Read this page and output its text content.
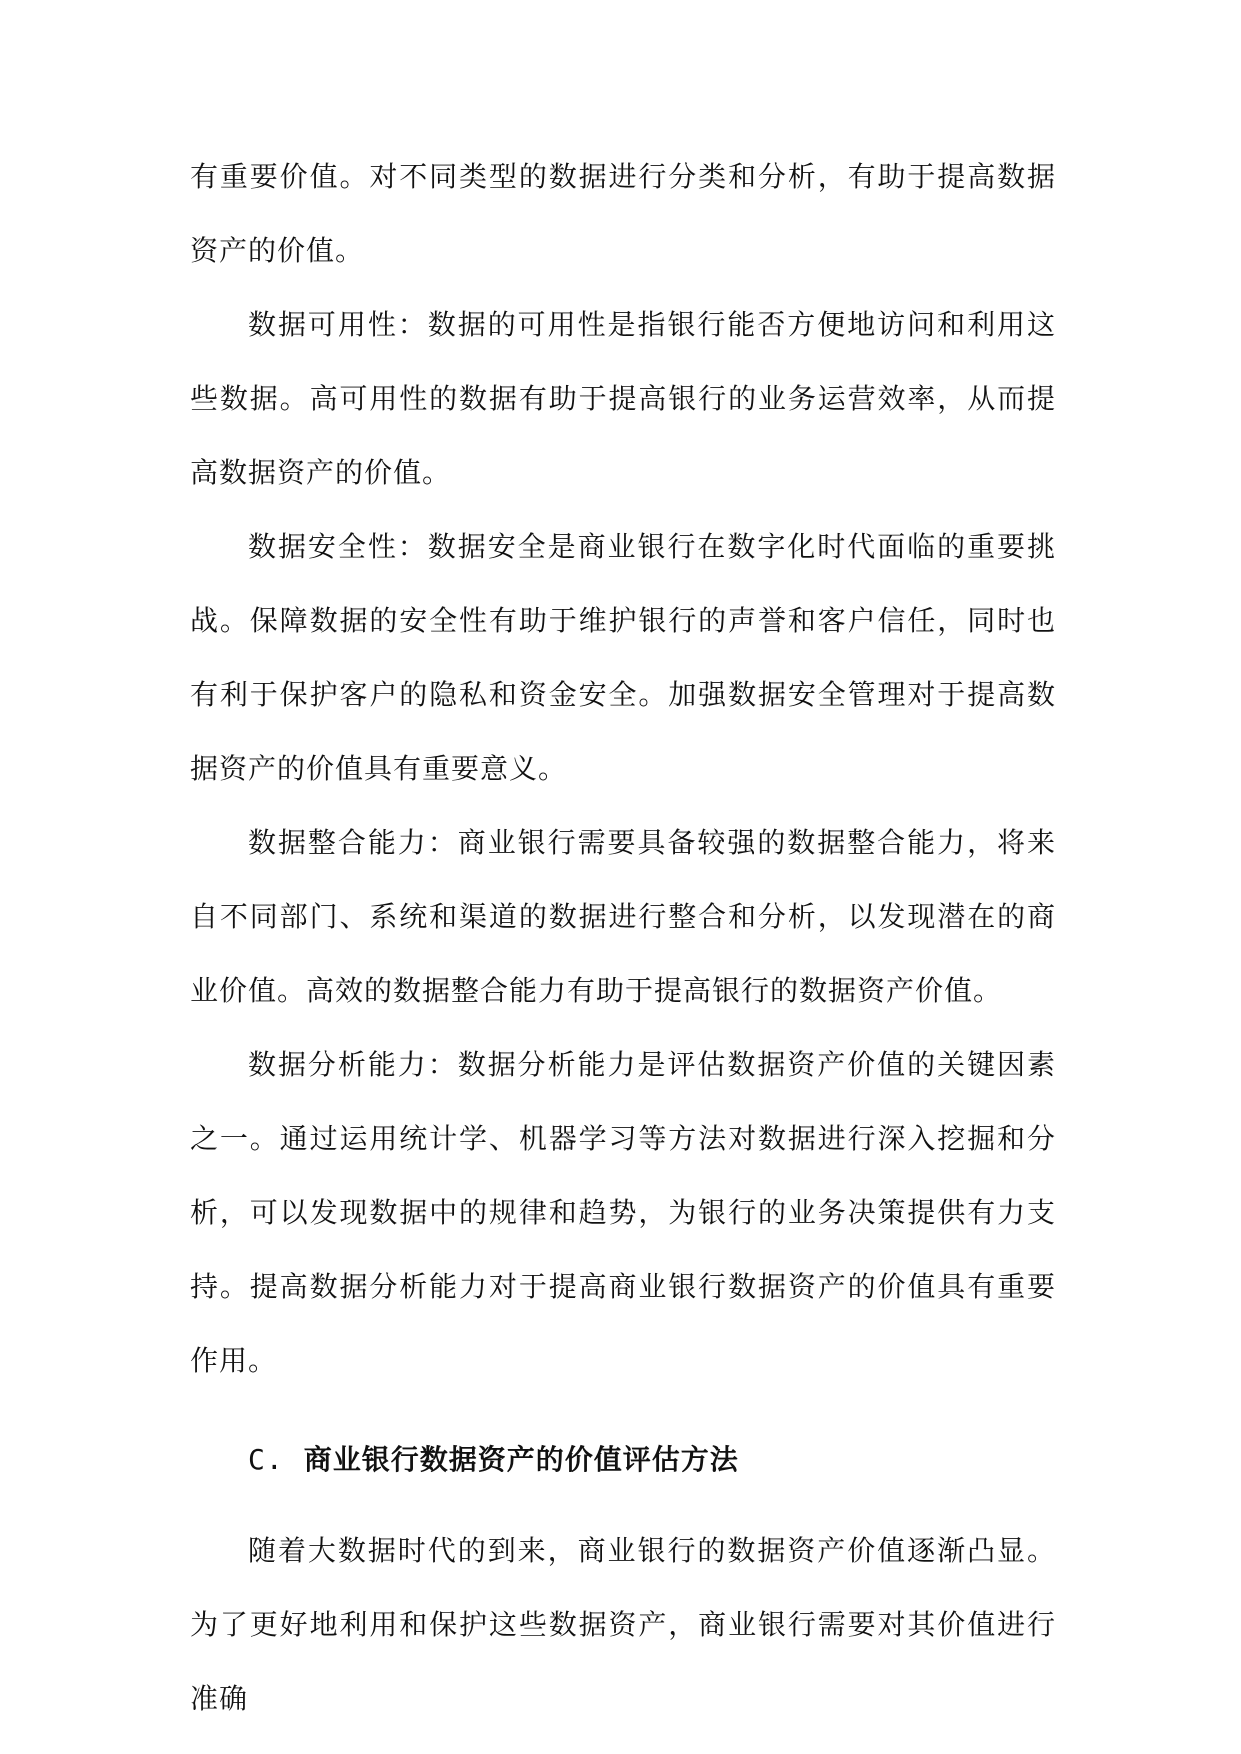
有重要价值。对不同类型的数据进行分类和分析，有助于提高数据资产的价值。

数据可用性：数据的可用性是指银行能否方便地访问和利用这些数据。高可用性的数据有助于提高银行的业务运营效率，从而提高数据资产的价值。

数据安全性：数据安全是商业银行在数字化时代面临的重要挑战。保障数据的安全性有助于维护银行的声誉和客户信任，同时也有利于保护客户的隐私和资金安全。加强数据安全管理对于提高数据资产的价值具有重要意义。

数据整合能力：商业银行需要具备较强的数据整合能力，将来自不同部门、系统和渠道的数据进行整合和分析，以发现潜在的商业价值。高效的数据整合能力有助于提高银行的数据资产价值。

数据分析能力：数据分析能力是评估数据资产价值的关键因素之一。通过运用统计学、机器学习等方法对数据进行深入挖掘和分析，可以发现数据中的规律和趋势，为银行的业务决策提供有力支持。提高数据分析能力对于提高商业银行数据资产的价值具有重要作用。

C. 商业银行数据资产的价值评估方法

随着大数据时代的到来，商业银行的数据资产价值逐渐凸显。为了更好地利用和保护这些数据资产，商业银行需要对其价值进行准确
